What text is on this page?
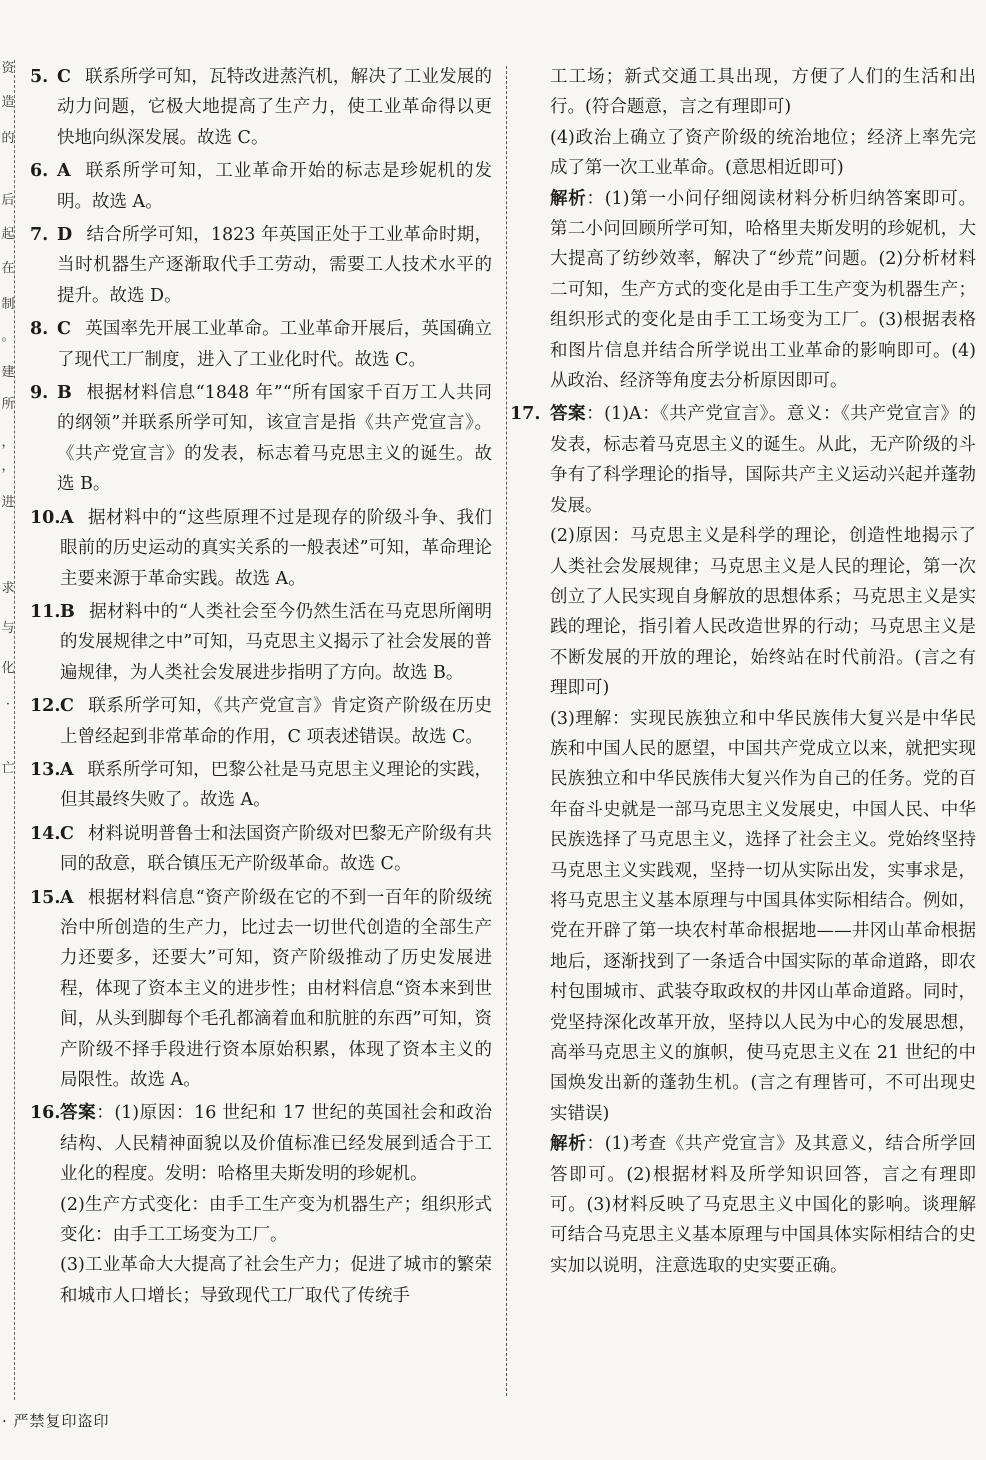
资
造
的
后
起
在
制
。
建
所
，
，
进
求
与
化
·
亡
5. C 联系所学可知，瓦特改进蒸汽机，解决了工业发展的动力问题，它极大地提高了生产力，使工业革命得以更快地向纵深发展。故选 C。
6. A 联系所学可知，工业革命开始的标志是珍妮机的发明。故选 A。
7. D 结合所学可知，1823 年英国正处于工业革命时期，当时机器生产逐渐取代手工劳动，需要工人技术水平的提升。故选 D。
8. C 英国率先开展工业革命。工业革命开展后，英国确立了现代工厂制度，进入了工业化时代。故选 C。
9. B 根据材料信息“1848 年”“所有国家千百万工人共同的纲领”并联系所学可知，该宣言是指《共产党宣言》。《共产党宣言》的发表，标志着马克思主义的诞生。故选 B。
10. A 据材料中的“这些原理不过是现存的阶级斗争、我们眼前的历史运动的真实关系的一般表述”可知，革命理论主要来源于革命实践。故选 A。
11. B 据材料中的“人类社会至今仍然生活在马克思所阐明的发展规律之中”可知，马克思主义揭示了社会发展的普遍规律，为人类社会发展进步指明了方向。故选 B。
12. C 联系所学可知，《共产党宣言》肯定资产阶级在历史上曾经起到非常革命的作用，C 项表述错误。故选 C。
13. A 联系所学可知，巴黎公社是马克思主义理论的实践，但其最终失败了。故选 A。
14. C 材料说明普鲁士和法国资产阶级对巴黎无产阶级有共同的敌意，联合镇压无产阶级革命。故选 C。
15. A 根据材料信息“资产阶级在它的不到一百年的阶级统治中所创造的生产力，比过去一切世代创造的全部生产力还要多，还要大”可知，资产阶级推动了历史发展进程，体现了资本主义的进步性；由材料信息“资本来到世间，从头到脚每个毛孔都滴着血和肮脏的东西”可知，资产阶级不择手段进行资本原始积累，体现了资本主义的局限性。故选 A。
16. 答案：(1)原因：16 世纪和 17 世纪的英国社会和政治结构、人民精神面貌以及价值标准已经发展到适合于工业化的程度。发明：哈格里夫斯发明的珍妮机。

(2)生产方式变化：由手工生产变为机器生产；组织形式变化：由手工工场变为工厂。

(3)工业革命大大提高了社会生产力；促进了城市的繁荣和城市人口增长；导致现代工厂取代了传统手

工工场；新式交通工具出现，方便了人们的生活和出行。(符合题意，言之有理即可)

(4)政治上确立了资产阶级的统治地位；经济上率先完成了第一次工业革命。(意思相近即可)

解析：(1)第一小问仔细阅读材料分析归纳答案即可。第二小问回顾所学可知，哈格里夫斯发明的珍妮机，大大提高了纺纱效率，解决了“纱荒”问题。(2)分析材料二可知，生产方式的变化是由手工生产变为机器生产；组织形式的变化是由手工工场变为工厂。(3)根据表格和图片信息并结合所学说出工业革命的影响即可。(4)从政治、经济等角度去分析原因即可。

17. 答案：(1)A：《共产党宣言》。意义：《共产党宣言》的发表，标志着马克思主义的诞生。从此，无产阶级的斗争有了科学理论的指导，国际共产主义运动兴起并蓬勃发展。

(2)原因：马克思主义是科学的理论，创造性地揭示了人类社会发展规律；马克思主义是人民的理论，第一次创立了人民实现自身解放的思想体系；马克思主义是实践的理论，指引着人民改造世界的行动；马克思主义是不断发展的开放的理论，始终站在时代前沿。(言之有理即可)

(3)理解：实现民族独立和中华民族伟大复兴是中华民族和中国人民的愿望，中国共产党成立以来，就把实现民族独立和中华民族伟大复兴作为自己的任务。党的百年奋斗史就是一部马克思主义发展史，中国人民、中华民族选择了马克思主义，选择了社会主义。党始终坚持马克思主义实践观，坚持一切从实际出发，实事求是，将马克思主义基本原理与中国具体实际相结合。例如，党在开辟了第一块农村革命根据地——井冈山革命根据地后，逐渐找到了一条适合中国实际的革命道路，即农村包围城市、武装夺取政权的井冈山革命道路。同时，党坚持深化改革开放，坚持以人民为中心的发展思想，高举马克思主义的旗帜，使马克思主义在 21 世纪的中国焕发出新的蓬勃生机。(言之有理皆可，不可出现史实错误)

解析：(1)考查《共产党宣言》及其意义，结合所学回答即可。(2)根据材料及所学知识回答，言之有理即可。(3)材料反映了马克思主义中国化的影响。谈理解可结合马克思主义基本原理与中国具体实际相结合的史实加以说明，注意选取的史实要正确。

· 严禁复印盗印
